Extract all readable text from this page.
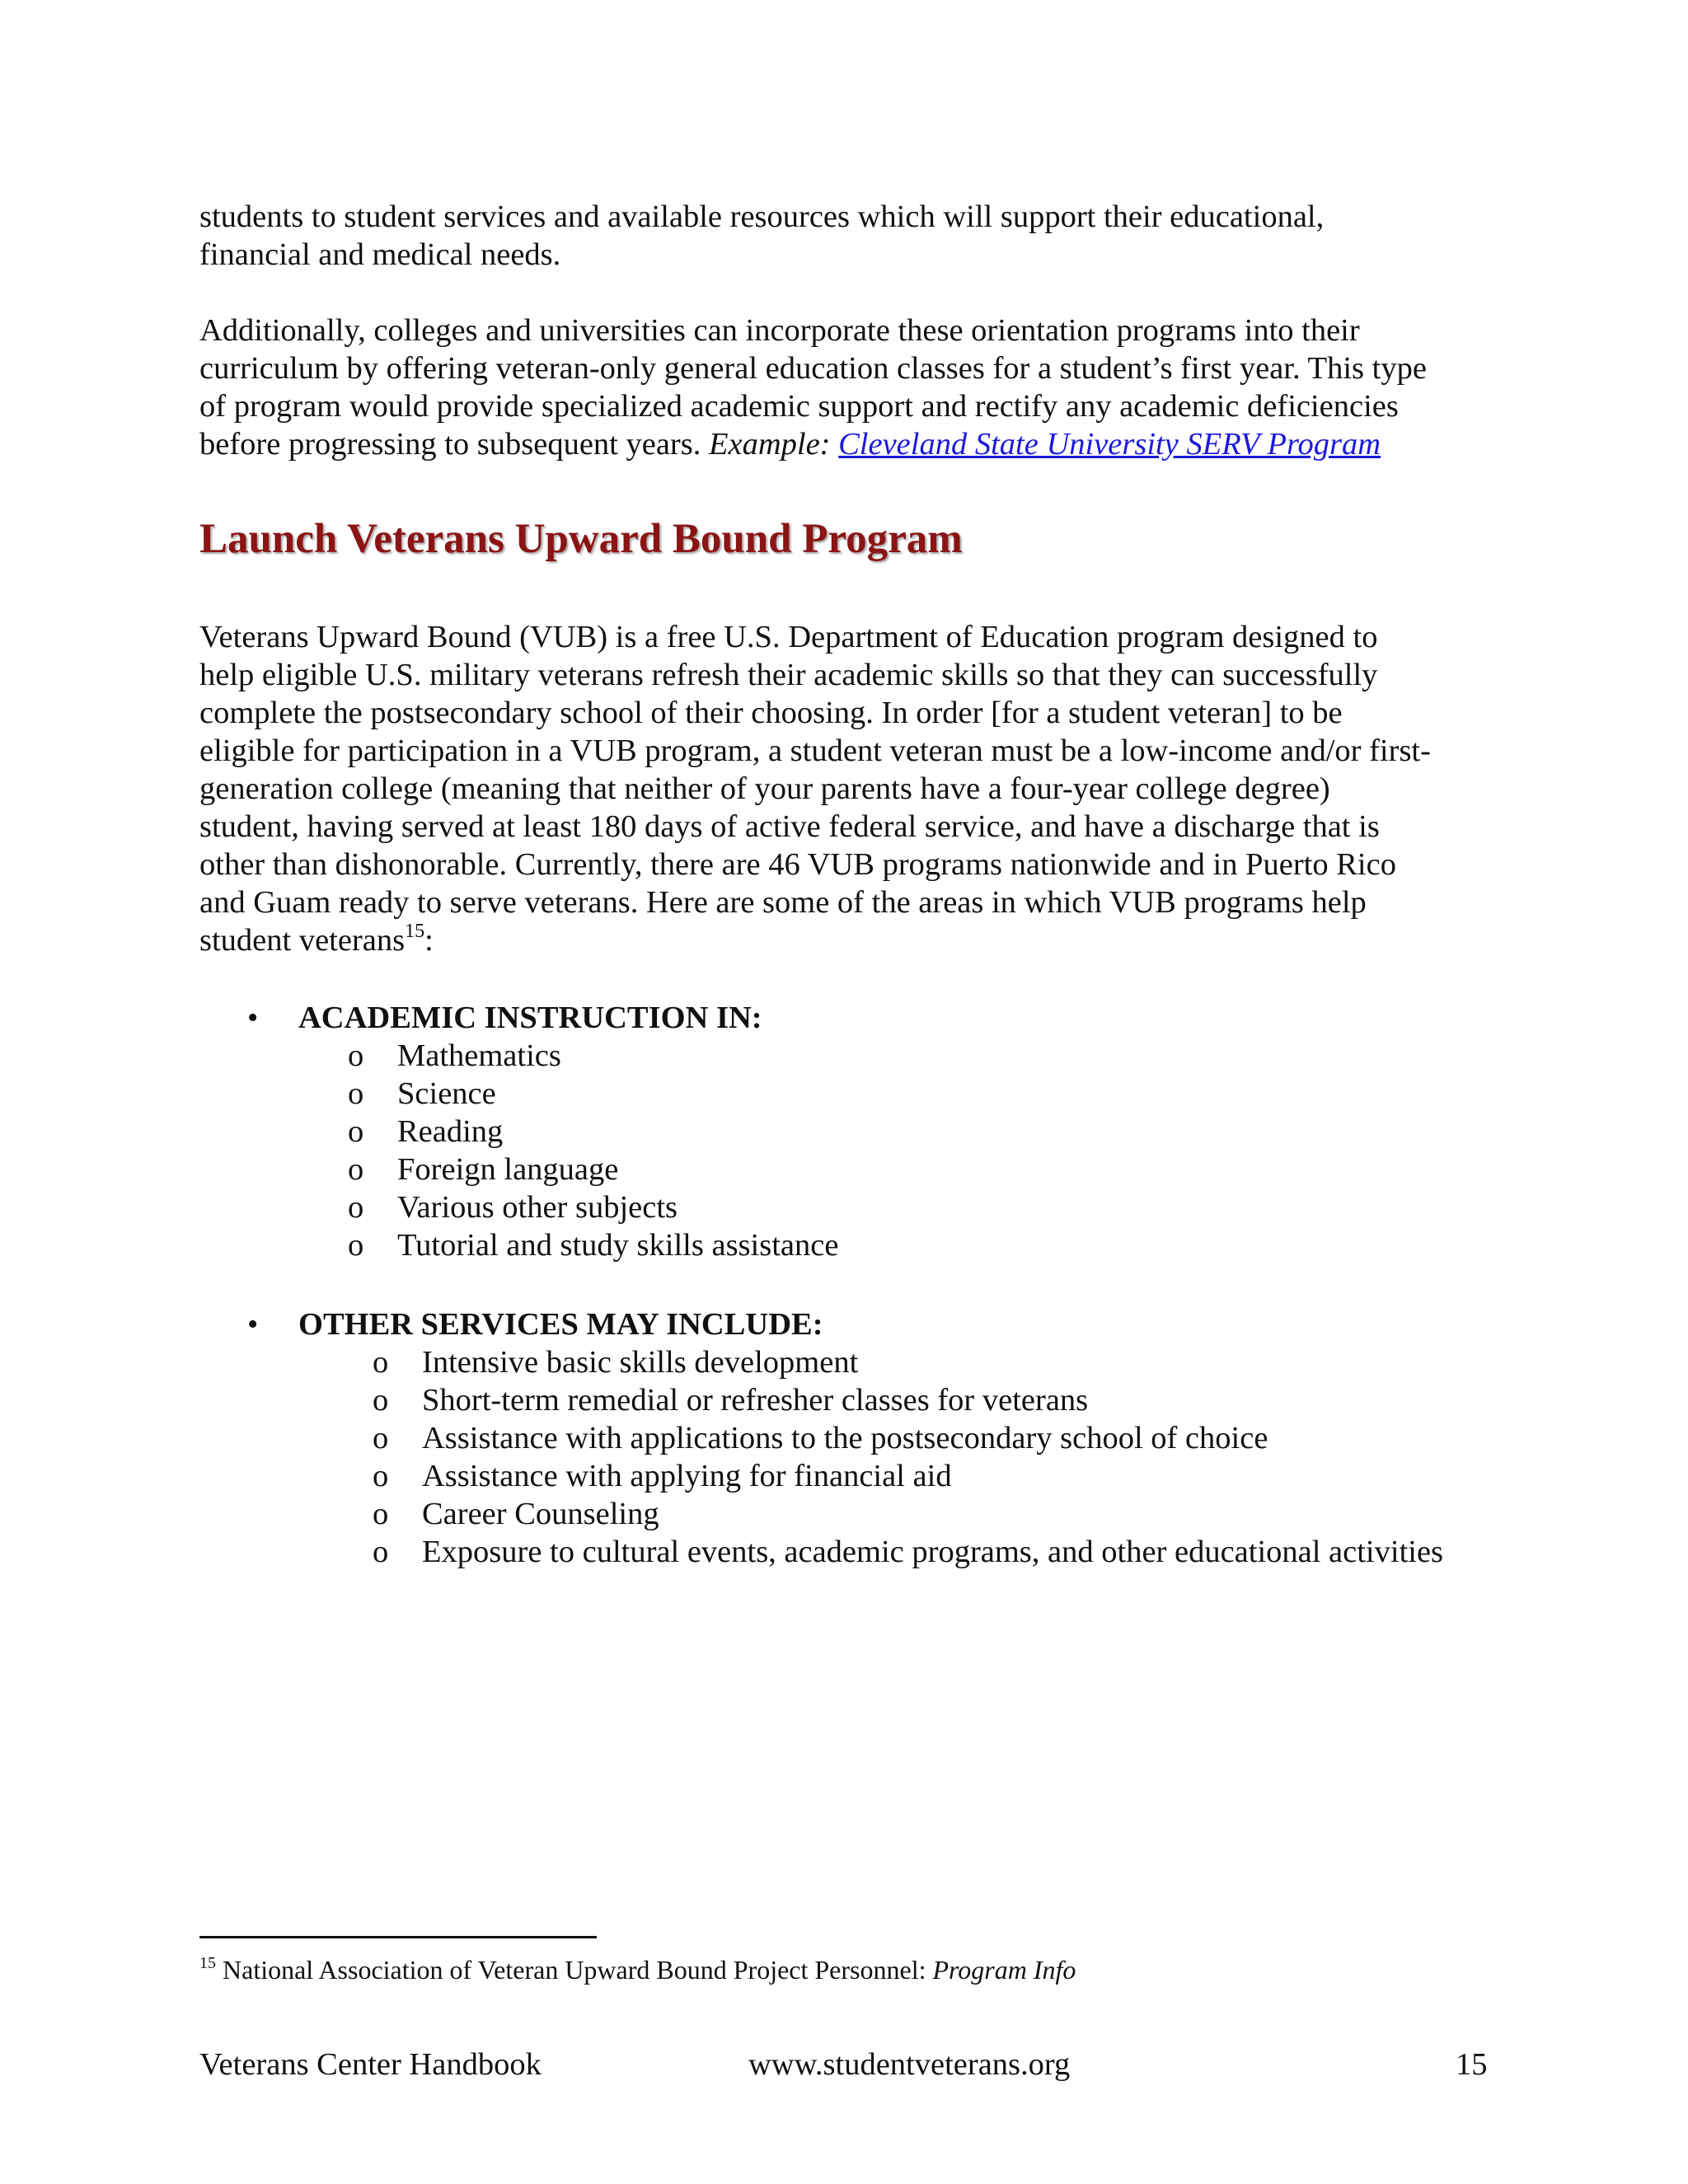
students to student services and available resources which will support their educational,
financial and medical needs.

Additionally, colleges and universities can incorporate these orientation programs into their
curriculum by offering veteran-only general education classes for a student’s first year. This type
of program would provide specialized academic support and rectify any academic deficiencies
before progressing to subsequent years. Example: Cleveland State University SERV Program

Launch Veterans Upward Bound Program

Veterans Upward Bound (VUB) is a free U.S. Department of Education program designed to
help eligible U.S. military veterans refresh their academic skills so that they can successfully
complete the postsecondary school of their choosing. In order [for a student veteran] to be
eligible for participation in a VUB program, a student veteran must be a low-income and/or first-
generation college (meaning that neither of your parents have a four-year college degree)
student, having served at least 180 days of active federal service, and have a discharge that is
other than dishonorable. Currently, there are 46 VUB programs nationwide and in Puerto Rico
and Guam ready to serve veterans. Here are some of the areas in which VUB programs help
student veterans$^{15}$:

• ACADEMIC INSTRUCTION IN:
o Mathematics
o Science
o Reading
o Foreign language
o Various other subjects
o Tutorial and study skills assistance
• OTHER SERVICES MAY INCLUDE:
o Intensive basic skills development
o Short-term remedial or refresher classes for veterans
o Assistance with applications to the postsecondary school of choice
o Assistance with applying for financial aid
o Career Counseling
o Exposure to cultural events, academic programs, and other educational activities
$^{15}$ National Association of Veteran Upward Bound Project Personnel: Program Info
Veterans Center Handbook	www.studentveterans.org	15
